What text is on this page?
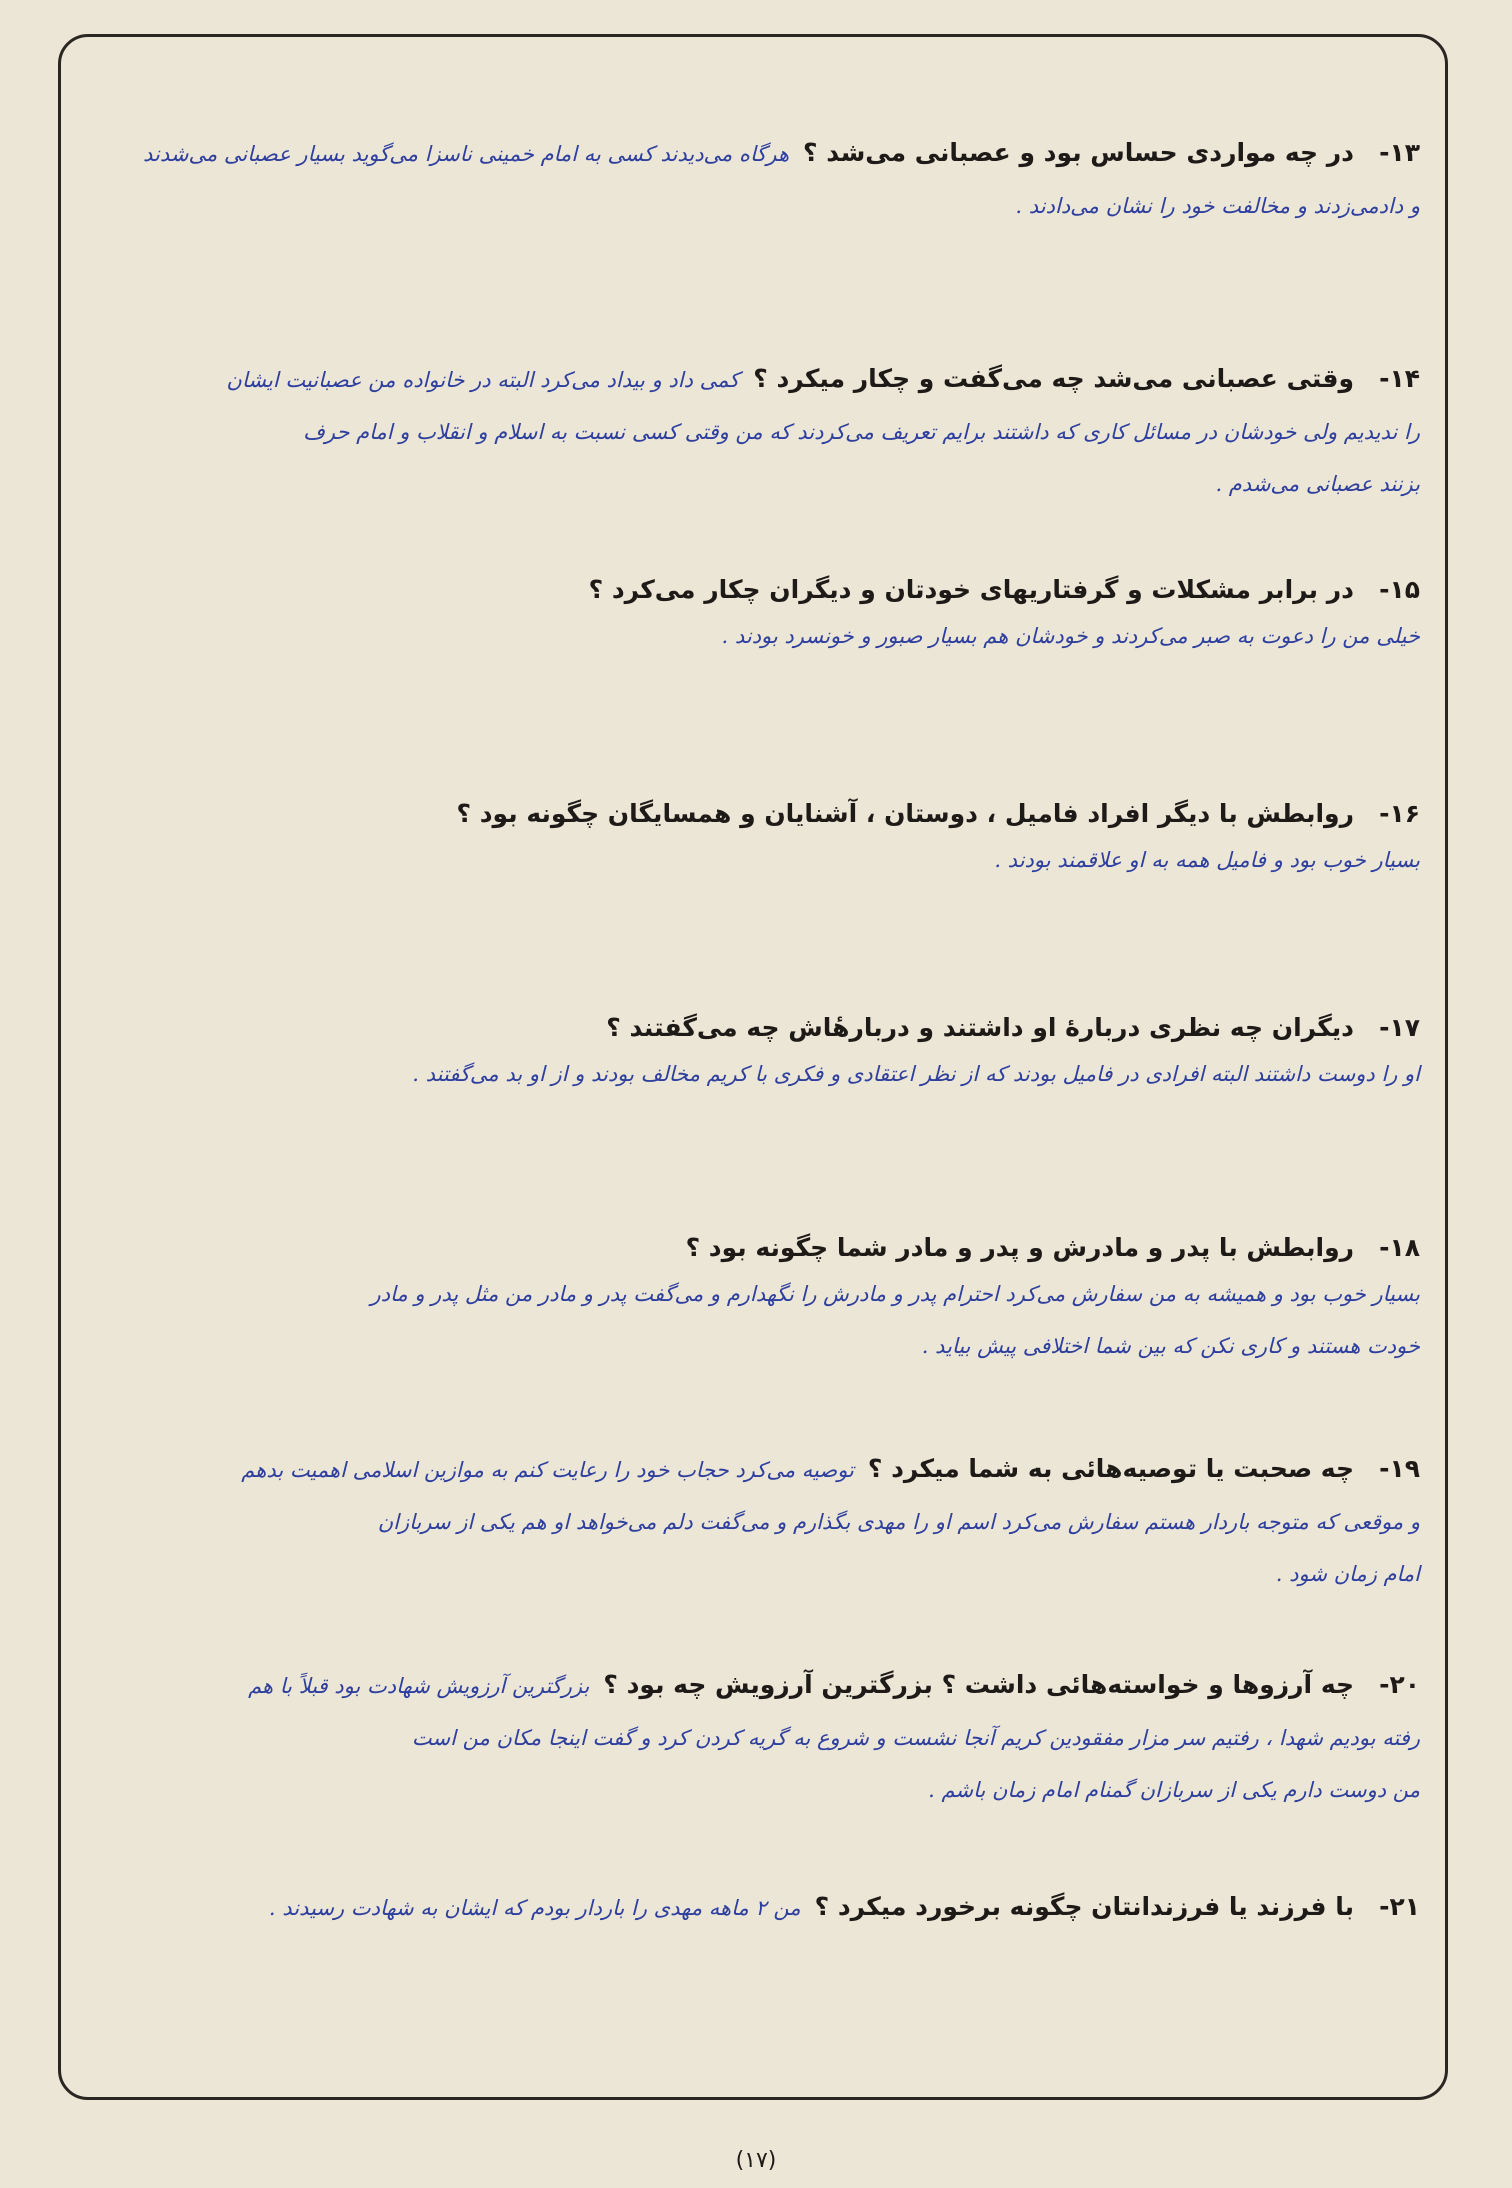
۱۳-
در چه مواردی حساس بود و عصبانی می‌شد ؟
هرگاه می‌دیدند کسی به امام خمینی ناسزا می‌گوید بسیار عصبانی می‌شدند
و دادمی‌زدند و مخالفت خود را نشان می‌دادند .
۱۴-
وقتی عصبانی می‌شد چه می‌گفت و چکار میکرد ؟
کمی داد و بیداد می‌کرد البته در خانواده من عصبانیت ایشان
را ندیدیم ولی خودشان در مسائل کاری که داشتند برایم تعریف می‌کردند که من وقتی کسی نسبت به اسلام و انقلاب و امام حرف
بزنند عصبانی می‌شدم .
۱۵-
در برابر مشکلات و گرفتاریهای خودتان و دیگران چکار می‌کرد ؟
خیلی من را دعوت به صبر می‌کردند و خودشان هم بسیار صبور و خونسرد بودند .
۱۶-
روابطش با دیگر افراد فامیل ، دوستان ، آشنایان و همسایگان چگونه بود ؟
بسیار خوب بود و فامیل همه به او علاقمند بودند .
۱۷-
دیگران چه نظری دربارهٔ او داشتند و دربارهٔاش چه می‌گفتند ؟
او را دوست داشتند البته افرادی در فامیل بودند که از نظر اعتقادی و فکری با کریم مخالف بودند و از او بد می‌گفتند .
۱۸-
روابطش با پدر و مادرش و پدر و مادر شما چگونه بود ؟
بسیار خوب بود و همیشه به من سفارش می‌کرد احترام پدر و مادرش را نگهدارم و می‌گفت پدر و مادر من مثل پدر و مادر
خودت هستند و کاری نکن که بین شما اختلافی پیش بیاید .
۱۹-
چه صحبت یا توصیه‌هائی به شما میکرد ؟
توصیه می‌کرد حجاب خود را رعایت کنم به موازین اسلامی اهمیت بدهم
و موقعی که متوجه باردار هستم سفارش می‌کرد اسم او را مهدی بگذارم و می‌گفت دلم می‌خواهد او هم یکی از سربازان
امام زمان شود .
۲۰-
چه آرزوها و خواسته‌هائی داشت ؟ بزرگترین آرزویش چه بود ؟
بزرگترین آرزویش شهادت بود قبلاً با هم
رفته بودیم شهدا ، رفتیم سر مزار مفقودین کریم آنجا نشست و شروع به گریه کردن کرد و گفت اینجا مکان من است
من دوست دارم یکی از سربازان گمنام امام زمان باشم .
۲۱-
با فرزند یا فرزندانتان چگونه برخورد میکرد ؟
من ۲ ماهه مهدی را باردار بودم که ایشان به شهادت رسیدند .
(۱۷)
